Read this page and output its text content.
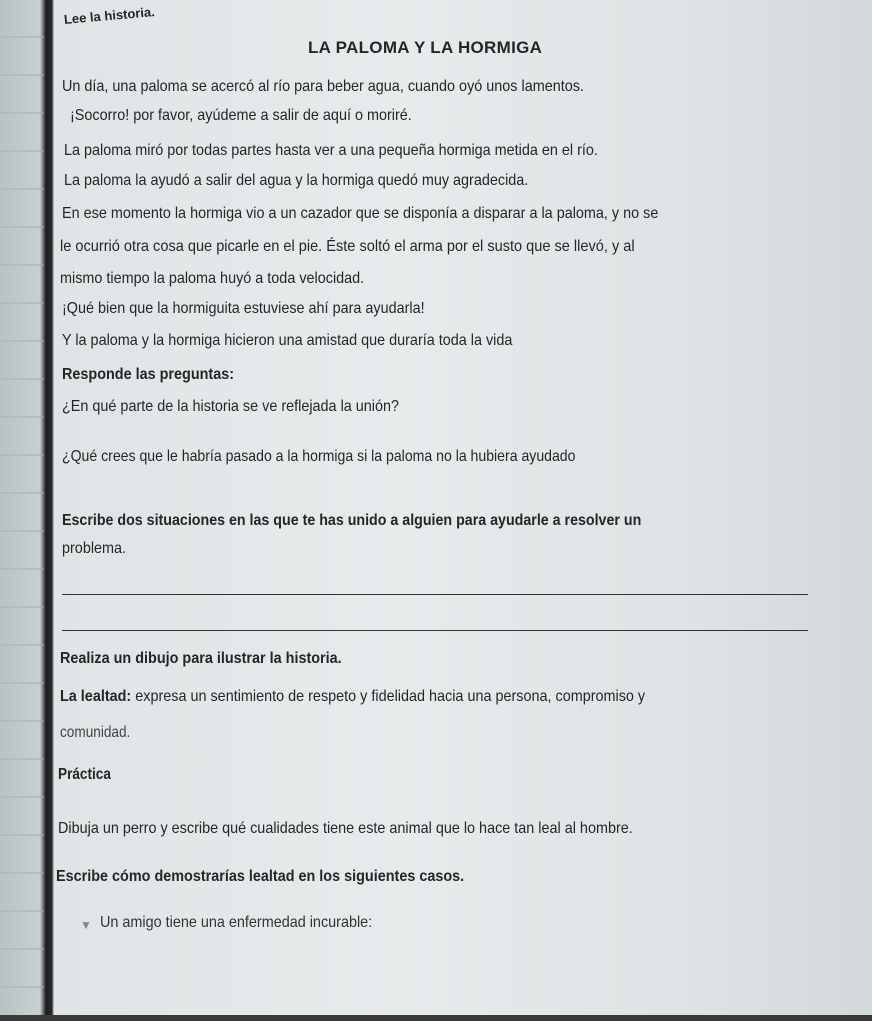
Lee la historia.
LA PALOMA Y LA HORMIGA
Un día, una paloma se acercó al río para beber agua, cuando oyó unos lamentos.
¡Socorro! por favor, ayúdeme a salir de aquí o moriré.
La paloma miró por todas partes hasta ver a una pequeña hormiga metida en el río.
La paloma la ayudó a salir del agua y la hormiga quedó muy agradecida.
En ese momento la hormiga vio a un cazador que se disponía a disparar a la paloma, y no se
le ocurrió otra cosa que picarle en el pie. Éste soltó el arma por el susto que se llevó, y al
mismo tiempo la paloma huyó a toda velocidad.
¡Qué bien que la hormiguita estuviese ahí para ayudarla!
Y la paloma y la hormiga hicieron una amistad que duraría toda la vida
Responde las preguntas:
¿En qué parte de la historia se ve reflejada la unión?
¿Qué crees que le habría pasado a la hormiga si la paloma no la hubiera ayudado
Escribe dos situaciones en las que te has unido a alguien para ayudarle a resolver un
problema.
Realiza un dibujo para ilustrar la historia.
La lealtad: expresa un sentimiento de respeto y fidelidad hacia una persona, compromiso y
comunidad.
Práctica
Dibuja un perro y escribe qué cualidades tiene este animal que lo hace tan leal al hombre.
Escribe cómo demostrarías lealtad en los siguientes casos.
▼ Un amigo tiene una enfermedad incurable:
